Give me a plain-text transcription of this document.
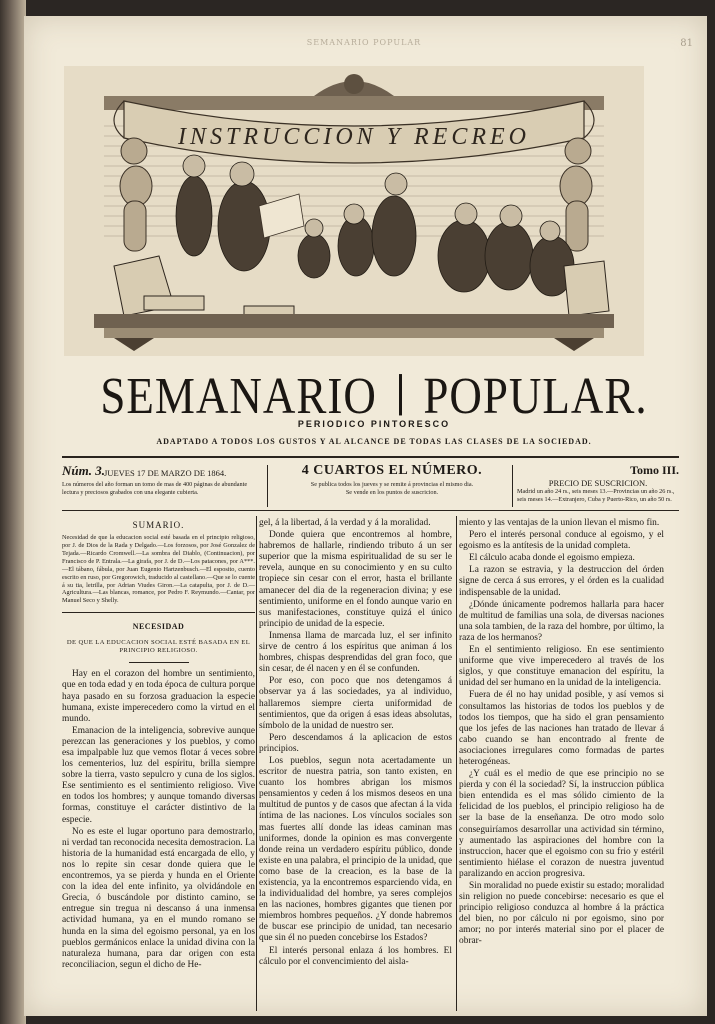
SEMANARIO POPULAR	81
INSTRUCCION Y RECREO
SEMANARIO POPULAR.
PERIODICO PINTORESCO
ADAPTADO A TODOS LOS GUSTOS Y AL ALCANCE DE TODAS LAS CLASES DE LA SOCIEDAD.
Núm. 3. JUEVES 17 DE MARZO DE 1864.
Los números del año forman un tomo de mas de 400 páginas de abundante lectura y preciosos grabados con una elegante cubierta.
4 CUARTOS EL NÚMERO.
Se publica todos los jueves y se remite á provincias el mismo dia.
Se vende en los puntos de suscricion.
Tomo III.
PRECIO DE SUSCRICION.
Madrid un año 24 rs., seis meses 13.—Provincias un año 26 rs., seis meses 14.—Extranjero, Cuba y Puerto-Rico, un año 50 rs.
SUMARIO.
Necesidad de que la educacion social esté basada en el principio religioso, por J. de Dios de la Rada y Delgado.—Los forzosos, por José Gonzalez de Tejada.—Ricardo Cromwell.—La sombra del Diablo, (Continuacion), por Francisco de P. Entrala.—La girafa, por J. de D.—Los patacones, por A***.—El tábano, fábula, por Juan Eugenio Hartzenbusch.—El esposito, cuento escrito en ruso, por Gregorowich, traducido al castellano.—Que se lo cuente á su tia, letrilla, por Adrian Viudes Giron.—La catapulta, por J. de D.—Agricultura.—Las blancas, romance, por Pedro F. Reymundo.—Cantar, por Manuel Seco y Shelly.
NECESIDAD
DE QUE LA EDUCACION SOCIAL ESTÉ BASADA EN EL PRINCIPIO RELIGIOSO.

Hay en el corazon del hombre un sentimiento, que en toda edad y en toda época de cultura porque haya pasado en su forzosa graduacion la especie humana, existe imperecedero como la virtud en el mundo.

Emanacion de la inteligencia, sobrevive aunque perezcan las generaciones y los pueblos, y como esa impalpable luz que vemos flotar á veces sobre los cementerios, luz del espíritu, brilla siempre sobre la tierra, vasto sepulcro y cuna de los siglos. Ese sentimiento es el sentimiento religioso. Vive en todos los hombres; y aunque tomando diversas formas, constituye el carácter distintivo de la especie.

No es este el lugar oportuno para demostrarlo, ni verdad tan reconocida necesita demostracion. La historia de la humanidad está encargada de ello, y nos lo repite sin cesar donde quiera que le encontremos, ya se pierda y hunda en el Oriente con la idea del ente infinito, ya olvidándole en Grecia, ó buscándole por distinto camino, se entregue sin tregua ni descanso á una inmensa actividad humana, ya en el mundo romano se hunda en la sima del egoismo personal, ya en los pueblos germánicos enlace la unidad divina con la naturaleza humana, para dar origen con esta reconciliacion, segun el dicho de He-

gel, á la libertad, á la verdad y á la moralidad.

Donde quiera que encontremos al hombre, habremos de hallarle, rindiendo tributo á un ser superior que la misma espiritualidad de su ser le revela, aunque en su conocimiento y en su culto tropiece sin cesar con el error, hasta el brillante amanecer del dia de la regeneracion divina; y ese sentimiento, uniforme en el fondo aunque vario en sus manifestaciones, constituye quizá el único principio de unidad de la especie.

Inmensa llama de marcada luz, el ser infinito sirve de centro á los espíritus que animan á los hombres, chispas desprendidas del gran foco, que sin cesar, de él nacen y en él se confunden.

Por eso, con poco que nos detengamos á observar ya á las sociedades, ya al individuo, hallaremos siempre cierta uniformidad de sentimientos, que da origen á esas ideas absolutas, símbolo de la unidad de nuestro ser.

Pero descendamos á la aplicacion de estos principios.

Los pueblos, segun nota acertadamente un escritor de nuestra patria, son tanto existen, en cuanto los hombres abrigan los mismos pensamientos y ceden á los mismos deseos en una multitud de puntos y de casos que afectan á la vida íntima de las naciones. Los vínculos sociales son mas fuertes allí donde las ideas caminan mas uniformes, donde la opinion es mas convergente donde reina un verdadero espíritu público, donde existe en una palabra, el principio de la unidad, que como base de la creacion, es la base de la existencia, ya la encontremos esparciendo vida, en la individualidad del hombre, ya seres complejos en las naciones, hombres gigantes que tienen por miembros hombres pequeños. ¿Y donde habremos de buscar ese principio de unidad, tan necesario que sin él no pueden concebirse los Estados?

El interés personal enlaza á los hombres. El cálculo por el convencimiento del aisla-

miento y las ventajas de la union llevan el mismo fin.

Pero el interés personal conduce al egoismo, y el egoismo es la antítesis de la unidad completa.

El cálculo acaba donde el egoismo empieza.

La razon se estravia, y la destruccion del órden signe de cerca á sus errores, y el órden es la cualidad indispensable de la unidad.

¿Dónde únicamente podremos hallarla para hacer de multitud de familias una sola, de diversas naciones una sola tambien, de la raza del hombre, por último, la raza de los hermanos?

En el sentimiento religioso. En ese sentimiento uniforme que vive imperecedero al través de los siglos, y que constituye emanacion del espíritu, la unidad del ser humano en la unidad de la inteligencia.

Fuera de él no hay unidad posible, y así vemos si consultamos las historias de todos los pueblos y de todos los tiempos, que ha sido el gran pensamiento que los jefes de las naciones han tratado de llevar á cabo cuando se han encontrado al frente de asociaciones irregulares como formadas de partes heterogéneas.

¿Y cuál es el medio de que ese principio no se pierda y con él la sociedad? Sí, la instruccion pública bien entendida es el mas sólido cimiento de la felicidad de los pueblos, el principio religioso ha de ser la base de la enseñanza. De otro modo solo conseguiríamos desarrollar una actividad sin término, y aumentado las aspiraciones del hombre con la instruccion, hacer que el egoismo con su frio y estéril sentimiento hiélase el corazon de nuestra juventud paralizando en accion progresiva.

Sin moralidad no puede existir su estado; moralidad sin religion no puede concebirse: necesario es que el principio religioso conduzca al hombre á la práctica del bien, no por cálculo ni por egoismo, sino por amor; no por interés material sino por el placer de obrar-
